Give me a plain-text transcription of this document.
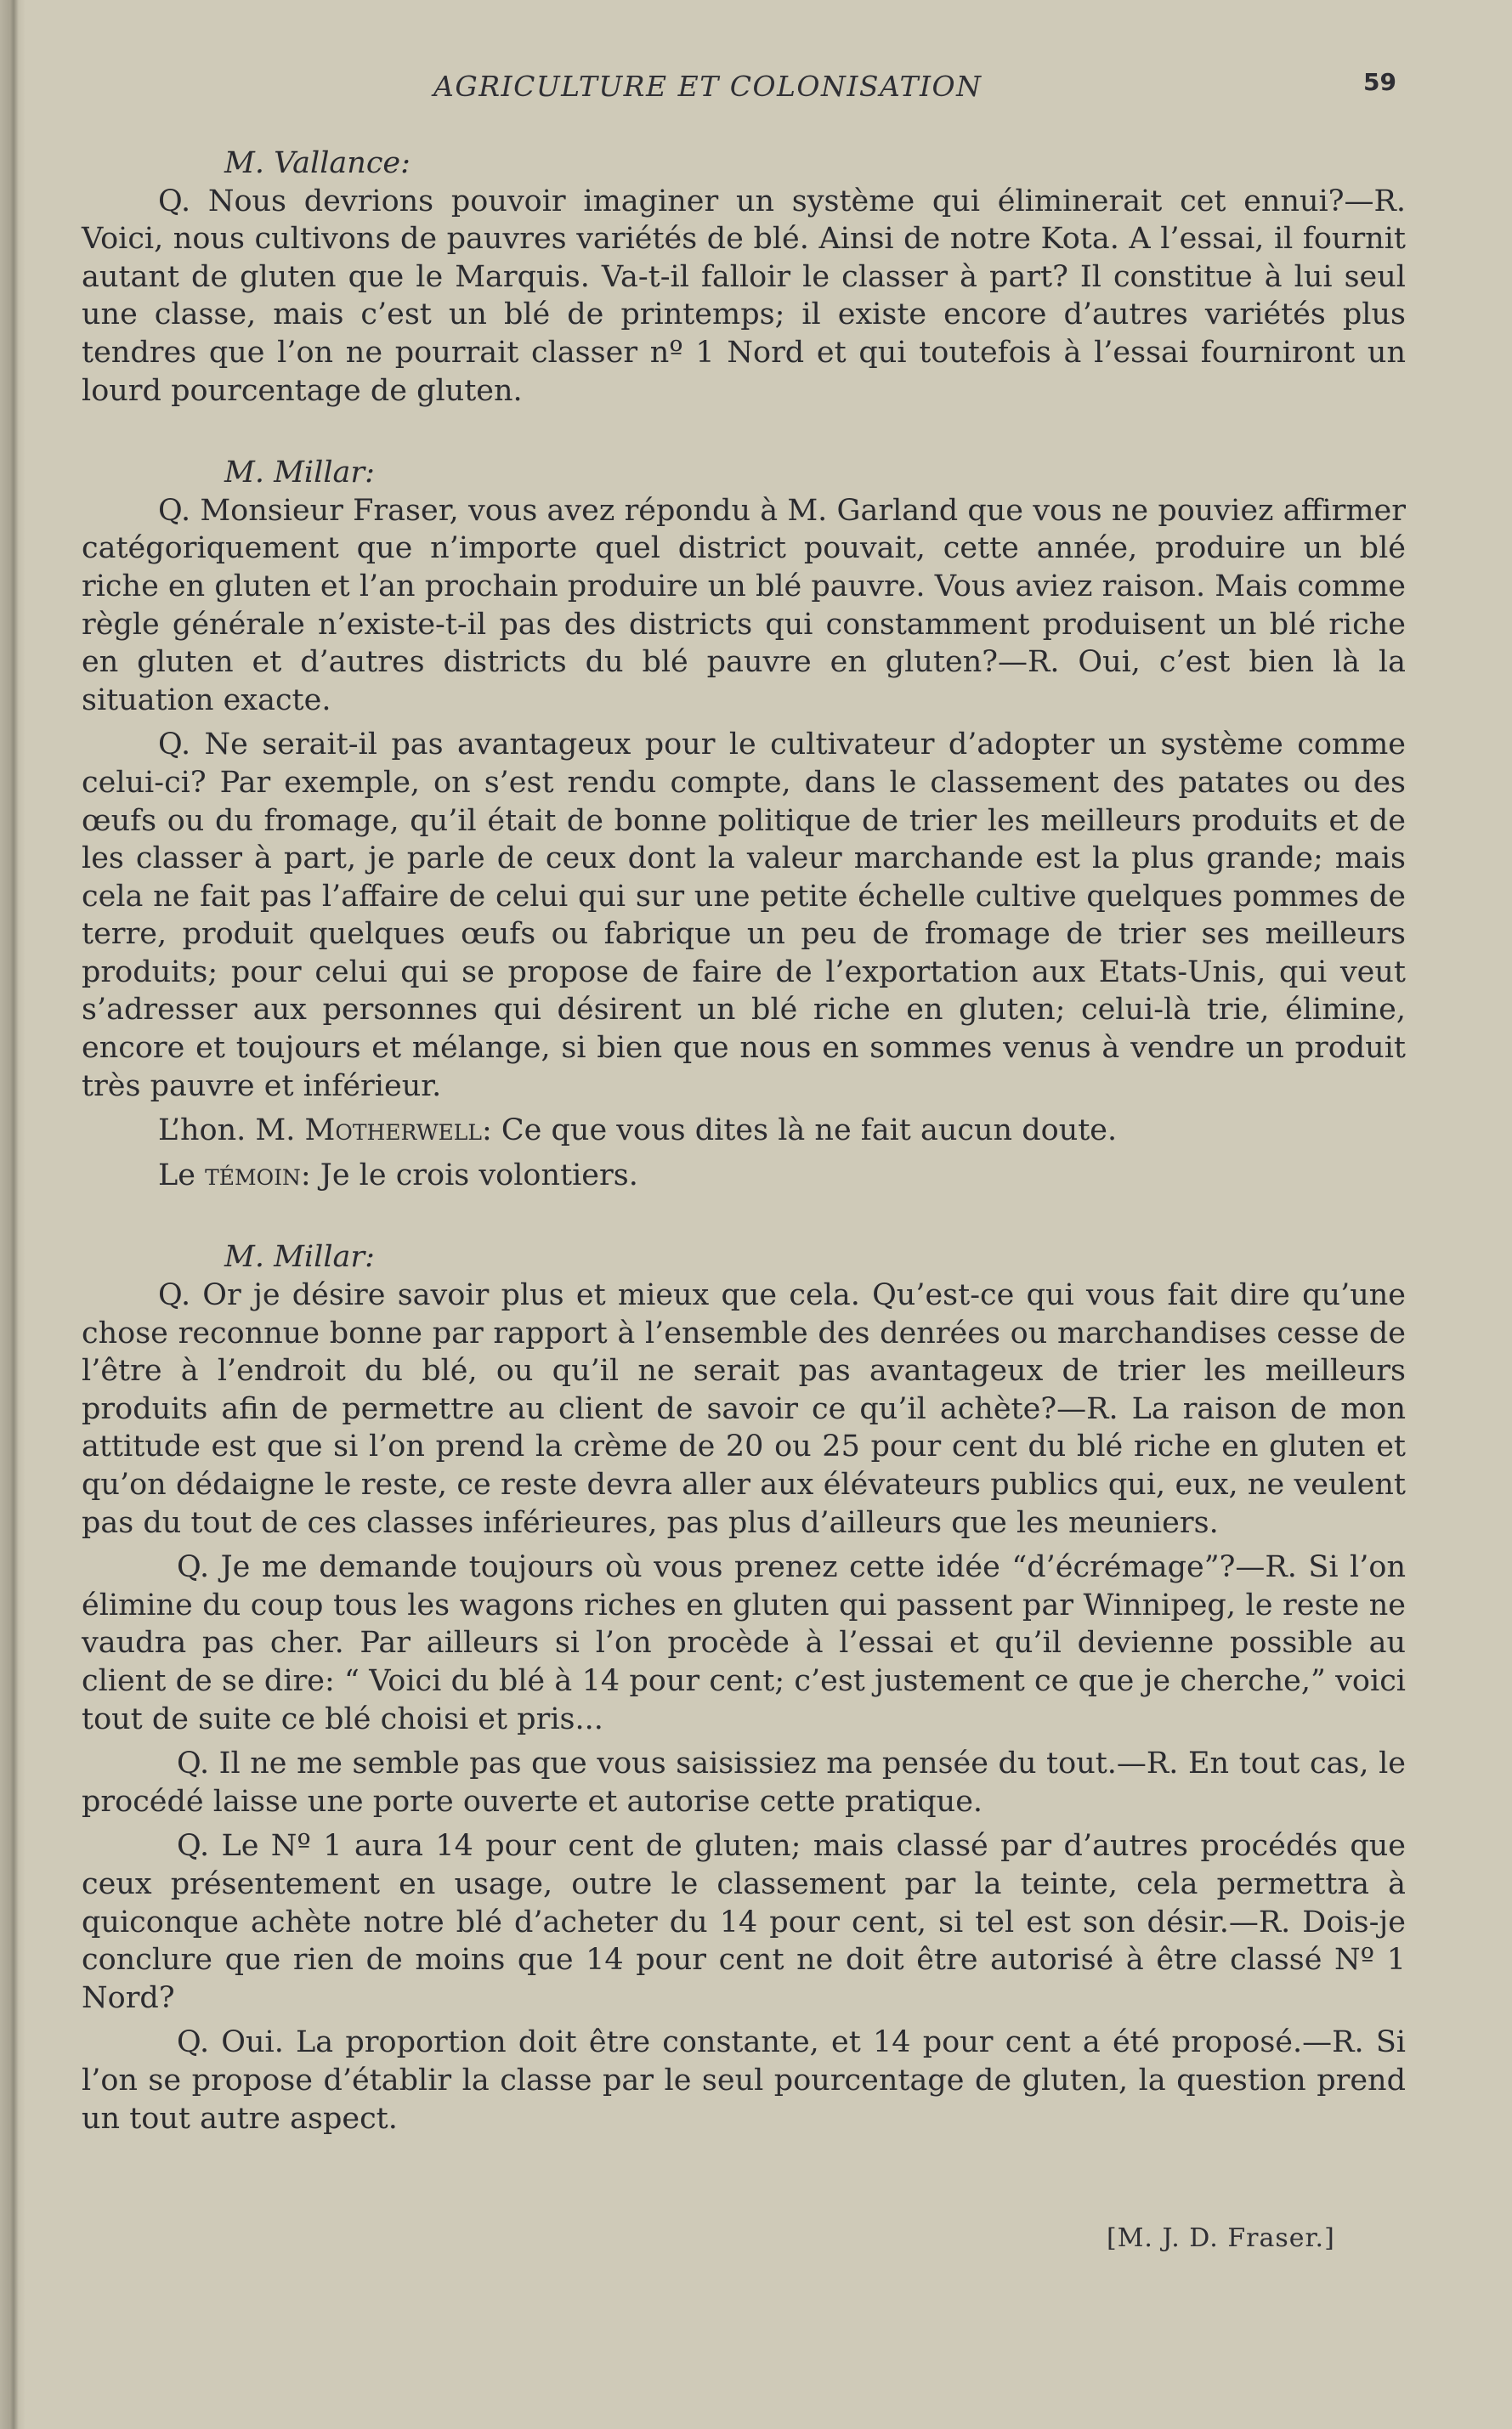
AGRICULTURE ET COLONISATION	59

M. Vallance:

Q. Nous devrions pouvoir imaginer un système qui éliminerait cet ennui?—R. Voici, nous cultivons de pauvres variétés de blé. Ainsi de notre Kota. A l’essai, il fournit autant de gluten que le Marquis. Va-t-il falloir le classer à part? Il constitue à lui seul une classe, mais c’est un blé de printemps; il existe encore d’autres variétés plus tendres que l’on ne pourrait classer nº 1 Nord et qui toutefois à l’essai fourniront un lourd pourcentage de gluten.

M. Millar:

Q. Monsieur Fraser, vous avez répondu à M. Garland que vous ne pouviez affirmer catégoriquement que n’importe quel district pouvait, cette année, produire un blé riche en gluten et l’an prochain produire un blé pauvre. Vous aviez raison. Mais comme règle générale n’existe-t-il pas des districts qui constamment produisent un blé riche en gluten et d’autres districts du blé pauvre en gluten?—R. Oui, c’est bien là la situation exacte.

Q. Ne serait-il pas avantageux pour le cultivateur d’adopter un système comme celui-ci? Par exemple, on s’est rendu compte, dans le classement des patates ou des œufs ou du fromage, qu’il était de bonne politique de trier les meilleurs produits et de les classer à part, je parle de ceux dont la valeur marchande est la plus grande; mais cela ne fait pas l’affaire de celui qui sur une petite échelle cultive quelques pommes de terre, produit quelques œufs ou fabrique un peu de fromage de trier ses meilleurs produits; pour celui qui se propose de faire de l’exportation aux Etats-Unis, qui veut s’adresser aux personnes qui désirent un blé riche en gluten; celui-là trie, élimine, encore et toujours et mélange, si bien que nous en sommes venus à vendre un produit très pauvre et inférieur.

L’hon. M. Motherwell: Ce que vous dites là ne fait aucun doute.

Le témoin: Je le crois volontiers.

M. Millar:

Q. Or je désire savoir plus et mieux que cela. Qu’est-ce qui vous fait dire qu’une chose reconnue bonne par rapport à l’ensemble des denrées ou marchandises cesse de l’être à l’endroit du blé, ou qu’il ne serait pas avantageux de trier les meilleurs produits afin de permettre au client de savoir ce qu’il achète?—R. La raison de mon attitude est que si l’on prend la crème de 20 ou 25 pour cent du blé riche en gluten et qu’on dédaigne le reste, ce reste devra aller aux élévateurs publics qui, eux, ne veulent pas du tout de ces classes inférieures, pas plus d’ailleurs que les meuniers.

Q. Je me demande toujours où vous prenez cette idée “d’écrémage”?—R. Si l’on élimine du coup tous les wagons riches en gluten qui passent par Winnipeg, le reste ne vaudra pas cher. Par ailleurs si l’on procède à l’essai et qu’il devienne possible au client de se dire: “ Voici du blé à 14 pour cent; c’est justement ce que je cherche,” voici tout de suite ce blé choisi et pris...

Q. Il ne me semble pas que vous saisissiez ma pensée du tout.—R. En tout cas, le procédé laisse une porte ouverte et autorise cette pratique.

Q. Le Nº 1 aura 14 pour cent de gluten; mais classé par d’autres procédés que ceux présentement en usage, outre le classement par la teinte, cela permettra à quiconque achète notre blé d’acheter du 14 pour cent, si tel est son désir.—R. Dois-je conclure que rien de moins que 14 pour cent ne doit être autorisé à être classé Nº 1 Nord?

Q. Oui. La proportion doit être constante, et 14 pour cent a été proposé.—R. Si l’on se propose d’établir la classe par le seul pourcentage de gluten, la question prend un tout autre aspect.

[M. J. D. Fraser.]
